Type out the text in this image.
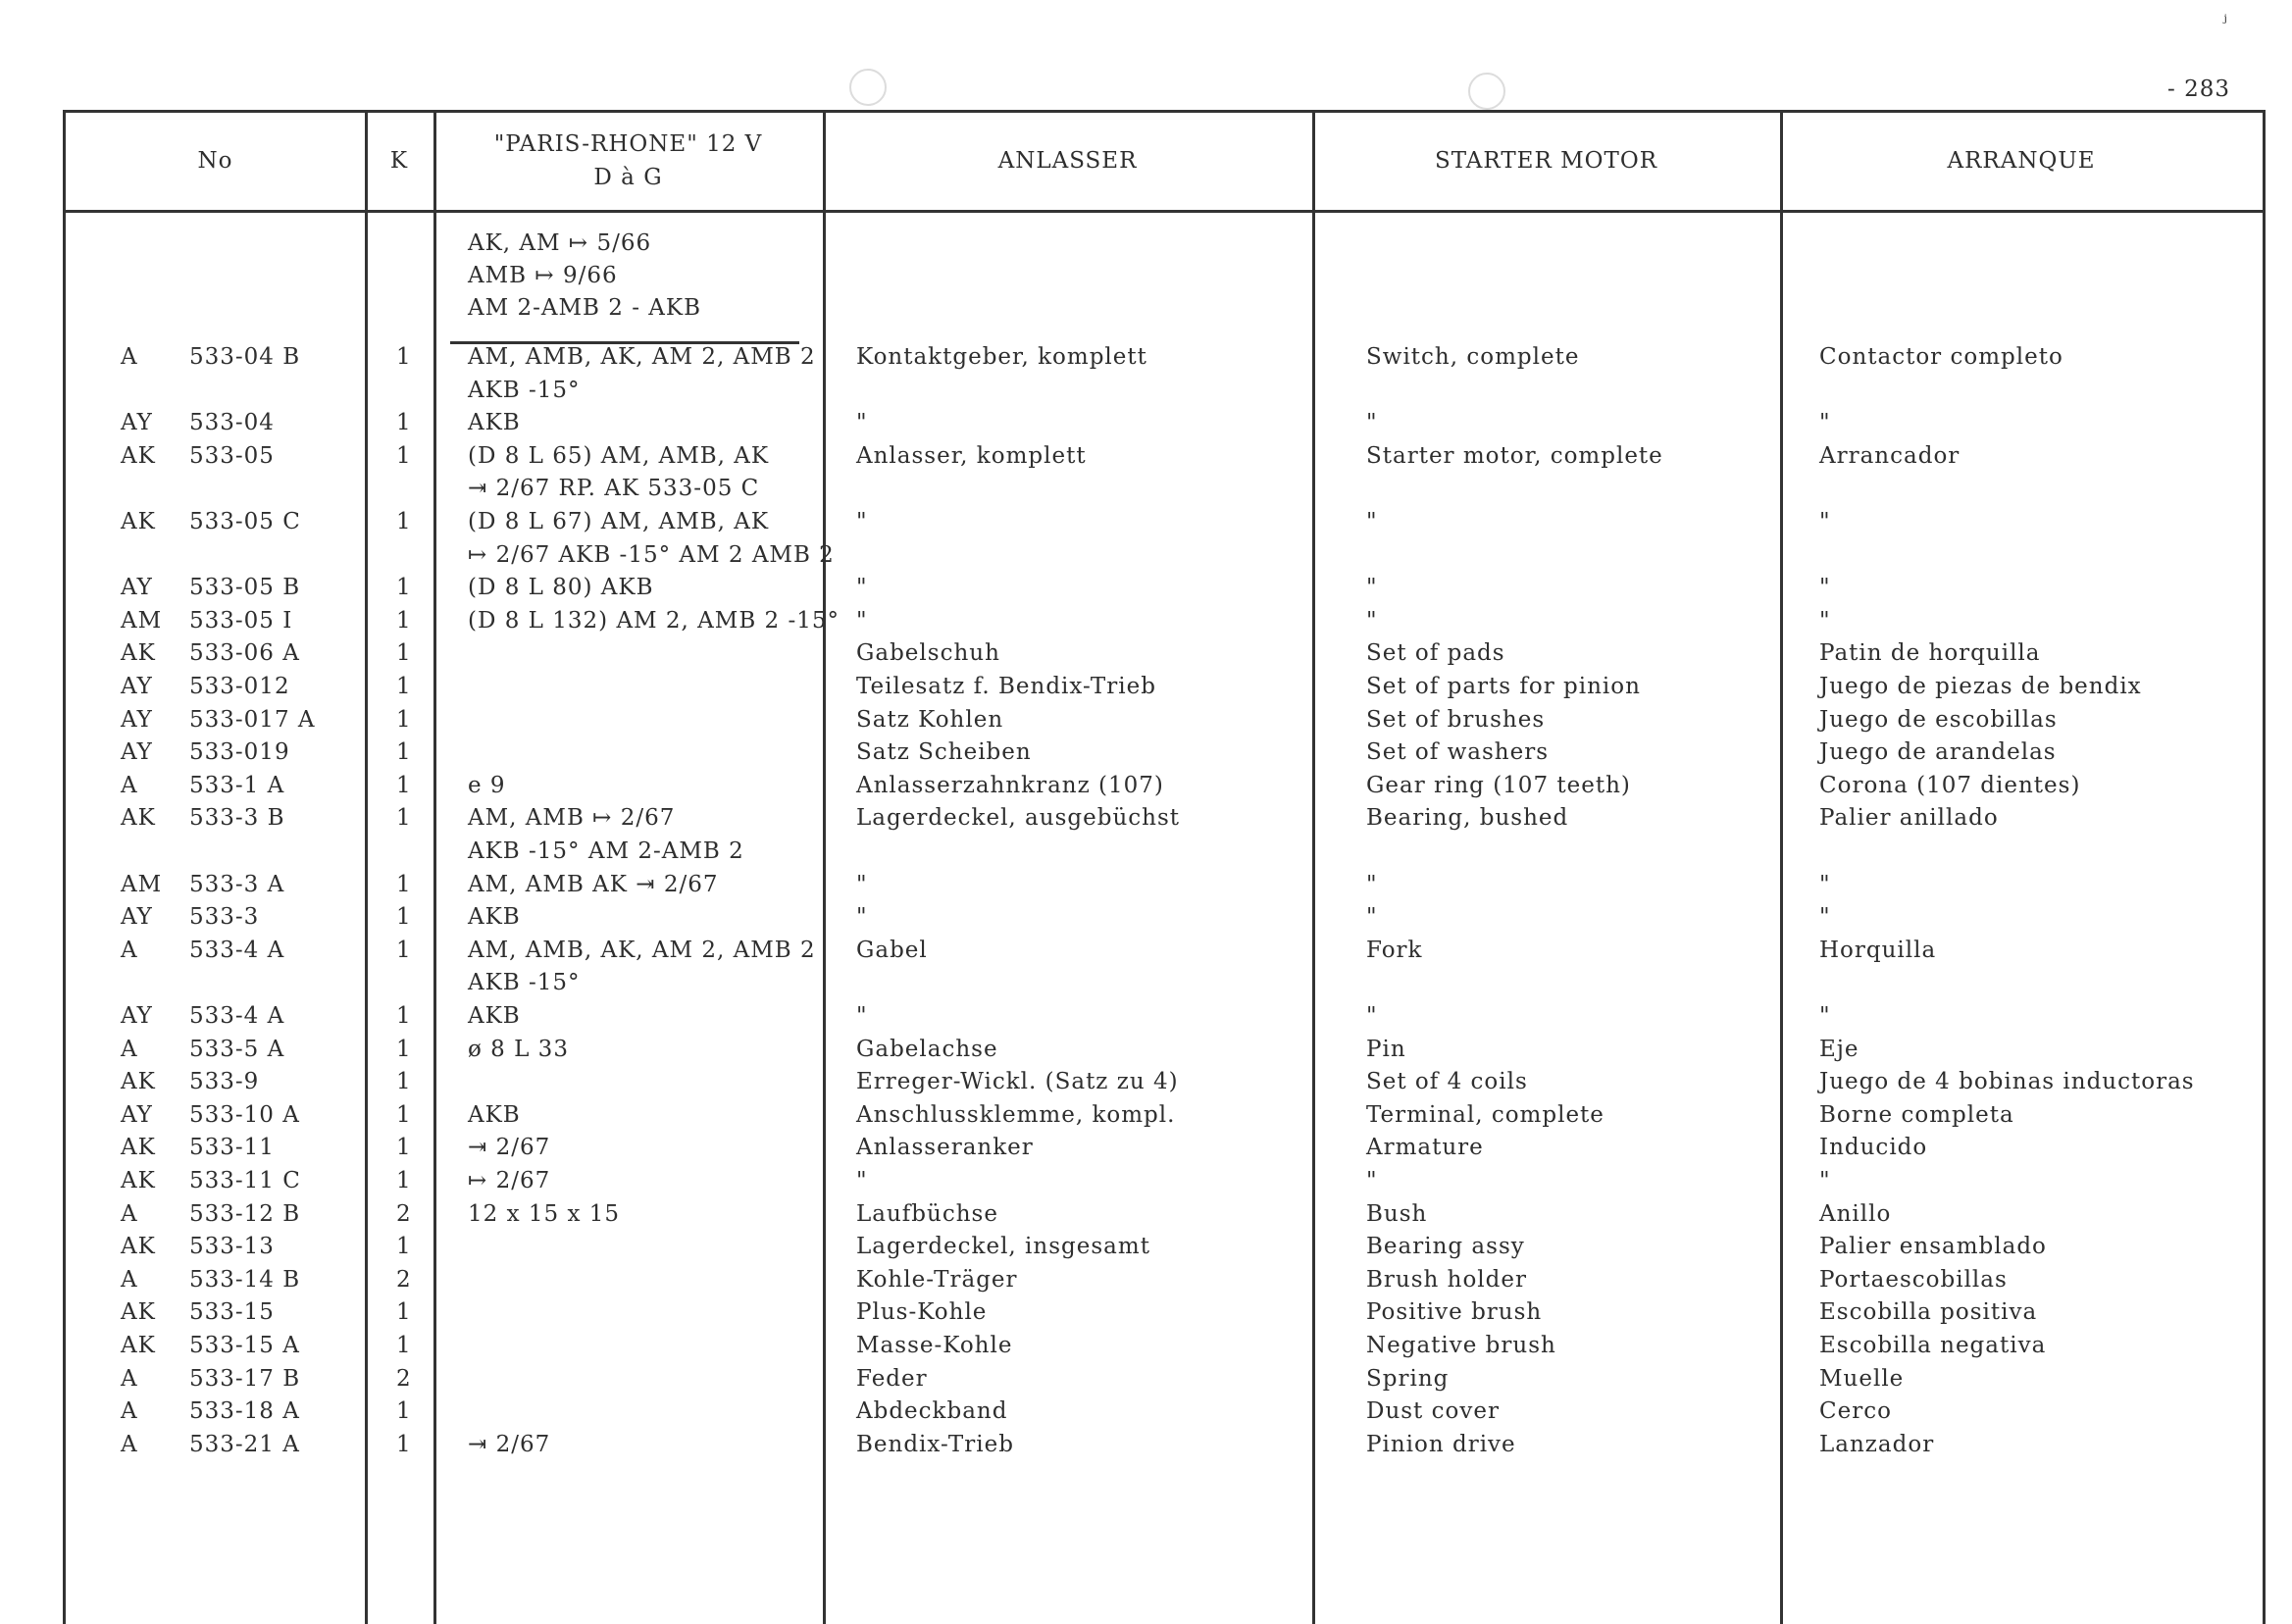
ʲ
- 283
No	K
"PARIS-RHONE" 12 V
D à G
ANLASSER	STARTER MOTOR	ARRANQUE
AK, AM ↦ 5/66
AMB ↦ 9/66
AM 2-AMB 2 - AKB
A 533-04 B	1 AM, AMB, AK, AM 2, AMB 2 Kontaktgeber, komplett	Switch, complete	Contactor completo
AKB -15°
AY 533-04	1 AKB	"	"	"
AK 533-05	1 (D 8 L 65) AM, AMB, AK	Anlasser, komplett	Starter motor, complete	Arrancador
⇥ 2/67 RP. AK 533-05 C
AK 533-05 C	1 (D 8 L 67) AM, AMB, AK	"	"	"
↦ 2/67 AKB -15° AM 2 AMB 2
AY 533-05 B	1 (D 8 L 80) AKB	"	"	"
AM 533-05 I	1 (D 8 L 132) AM 2, AMB 2 -15° "	"	"
AK 533-06 A	1	Gabelschuh	Set of pads	Patin de horquilla
AY 533-012	1	Teilesatz f. Bendix-Trieb	Set of parts for pinion	Juego de piezas de bendix
AY 533-017 A	1	Satz Kohlen	Set of brushes	Juego de escobillas
AY 533-019	1	Satz Scheiben	Set of washers	Juego de arandelas
A 533-1 A	1 e 9	Anlasserzahnkranz (107)	Gear ring (107 teeth)	Corona (107 dientes)
AK 533-3 B	1 AM, AMB ↦ 2/67	Lagerdeckel, ausgebüchst	Bearing, bushed	Palier anillado
AKB -15° AM 2-AMB 2
AM 533-3 A	1 AM, AMB AK ⇥ 2/67	"	"	"
AY 533-3	1 AKB	"	"	"
A 533-4 A	1 AM, AMB, AK, AM 2, AMB 2 Gabel	Fork	Horquilla
AKB -15°
AY 533-4 A	1 AKB	"	"	"
A 533-5 A	1 ø 8 L 33	Gabelachse	Pin	Eje
AK 533-9	1	Erreger-Wickl. (Satz zu 4)	Set of 4 coils	Juego de 4 bobinas inductoras
AY 533-10 A	1 AKB	Anschlussklemme, kompl.	Terminal, complete	Borne completa
AK 533-11	1 ⇥ 2/67	Anlasseranker	Armature	Inducido
AK 533-11 C	1 ↦ 2/67	"	"	"
A 533-12 B	2 12 x 15 x 15	Laufbüchse	Bush	Anillo
AK 533-13	1	Lagerdeckel, insgesamt	Bearing assy	Palier ensamblado
A 533-14 B	2	Kohle-Träger	Brush holder	Portaescobillas
AK 533-15	1	Plus-Kohle	Positive brush	Escobilla positiva
AK 533-15 A	1	Masse-Kohle	Negative brush	Escobilla negativa
A 533-17 B	2	Feder	Spring	Muelle
A 533-18 A	1	Abdeckband	Dust cover	Cerco
A 533-21 A	1 ⇥ 2/67	Bendix-Trieb	Pinion drive	Lanzador
